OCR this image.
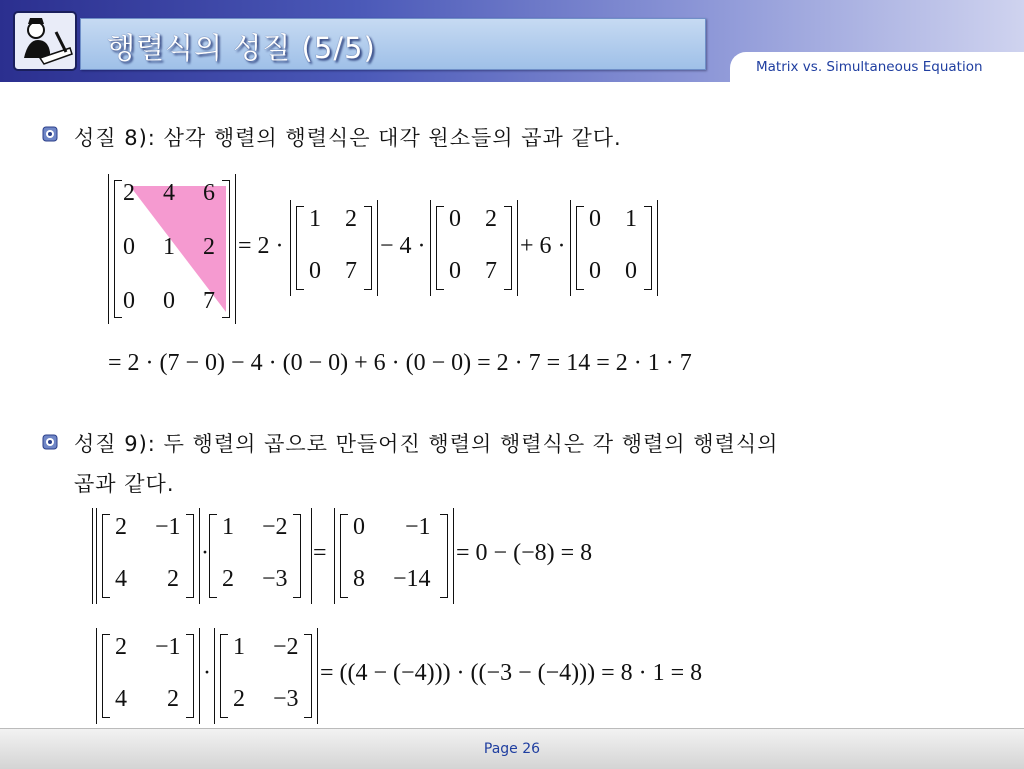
행렬식의 성질 (5/5)
Matrix vs. Simultaneous Equation
성질 8): 삼각 행렬의 행렬식은 대각 원소들의 곱과 같다.
2 4 6
0 1 2
0 0 7
= 2 ·
1 2
0 7
− 4 ·
0 2
0 7
+ 6 ·
0 1
0 0
= 2 · (7 − 0) − 4 · (0 − 0) + 6 · (0 − 0) = 2 · 7 = 14 = 2 · 1 · 7
성질 9): 두 행렬의 곱으로 만들어진 행렬의 행렬식은 각 행렬의 행렬식의
곱과 같다.
2 −1
4 2
·
1 −2
2 −3
=
0 −1
8 −14
= 0 − (−8) = 8
2 −1
4 2
·
1 −2
2 −3
= ((4 − (−4))) · ((−3 − (−4))) = 8 · 1 = 8
Page 26
